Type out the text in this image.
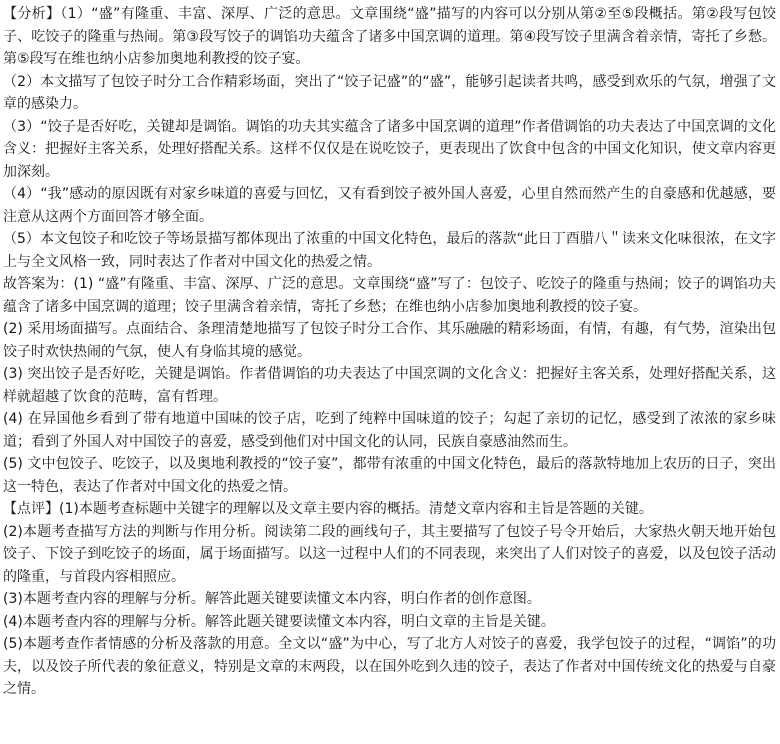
【分析】（1）“盛”有隆重、丰富、深厚、广泛的意思。文章围绕“盛”描写的内容可以分别从第②至⑤段概括。第②段写包饺子、吃饺子的隆重与热闹。第③段写饺子的调馅功夫蕴含了诸多中国烹调的道理。第④段写饺子里满含着亲情，寄托了乡愁。第⑤段写在维也纳小店参加奥地利教授的饺子宴。

（2）本文描写了包饺子时分工合作精彩场面，突出了“饺子记盛”的“盛”，能够引起读者共鸣，感受到欢乐的气氛，增强了文章的感染力。

（3）“饺子是否好吃，关键却是调馅。调馅的功夫其实蕴含了诸多中国烹调的道理”作者借调馅的功夫表达了中国烹调的文化含义：把握好主客关系，处理好搭配关系。这样不仅仅是在说吃饺子，更表现出了饮食中包含的中国文化知识，使文章内容更加深刻。

（4）“我”感动的原因既有对家乡味道的喜爱与回忆，又有看到饺子被外国人喜爱，心里自然而然产生的自豪感和优越感，要注意从这两个方面回答才够全面。

（5）本文包饺子和吃饺子等场景描写都体现出了浓重的中国文化特色，最后的落款“此日丁酉腊八＂读来文化味很浓，在文字上与全文风格一致，同时表达了作者对中国文化的热爱之情。

故答案为：(1) “盛”有隆重、丰富、深厚、广泛的意思。文章围绕“盛”写了：包饺子、吃饺子的隆重与热闹；饺子的调馅功夫蕴含了诸多中国烹调的道理；饺子里满含着亲情，寄托了乡愁；在维也纳小店参加奥地利教授的饺子宴。

(2) 采用场面描写。点面结合、条理清楚地描写了包饺子时分工合作、其乐融融的精彩场面，有情，有趣，有气势，渲染出包饺子时欢快热闹的气氛，使人有身临其境的感觉。

(3) 突出饺子是否好吃，关键是调馅。作者借调馅的功夫表达了中国烹调的文化含义：把握好主客关系，处理好搭配关系，这样就超越了饮食的范畴，富有哲理。

(4) 在异国他乡看到了带有地道中国味的饺子店，吃到了纯粹中国味道的饺子；勾起了亲切的记忆，感受到了浓浓的家乡味道；看到了外国人对中国饺子的喜爱，感受到他们对中国文化的认同，民族自豪感油然而生。

(5) 文中包饺子、吃饺子，以及奥地利教授的“饺子宴”，都带有浓重的中国文化特色，最后的落款特地加上农历的日子，突出这一特色，表达了作者对中国文化的热爱之情。

【点评】(1)本题考查标题中关键字的理解以及文章主要内容的概括。清楚文章内容和主旨是答题的关键。

(2)本题考查描写方法的判断与作用分析。阅读第二段的画线句子，其主要描写了包饺子号令开始后，大家热火朝天地开始包饺子、下饺子到吃饺子的场面，属于场面描写。以这一过程中人们的不同表现，来突出了人们对饺子的喜爱，以及包饺子活动的隆重，与首段内容相照应。

(3)本题考查内容的理解与分析。解答此题关键要读懂文本内容，明白作者的创作意图。

(4)本题考查内容的理解与分析。解答此题关键要读懂文本内容，明白文章的主旨是关键。

(5)本题考查作者情感的分析及落款的用意。全文以“盛”为中心，写了北方人对饺子的喜爱，我学包饺子的过程，“调馅”的功夫，以及饺子所代表的象征意义，特别是文章的末两段，以在国外吃到久违的饺子，表达了作者对中国传统文化的热爱与自豪之情。
